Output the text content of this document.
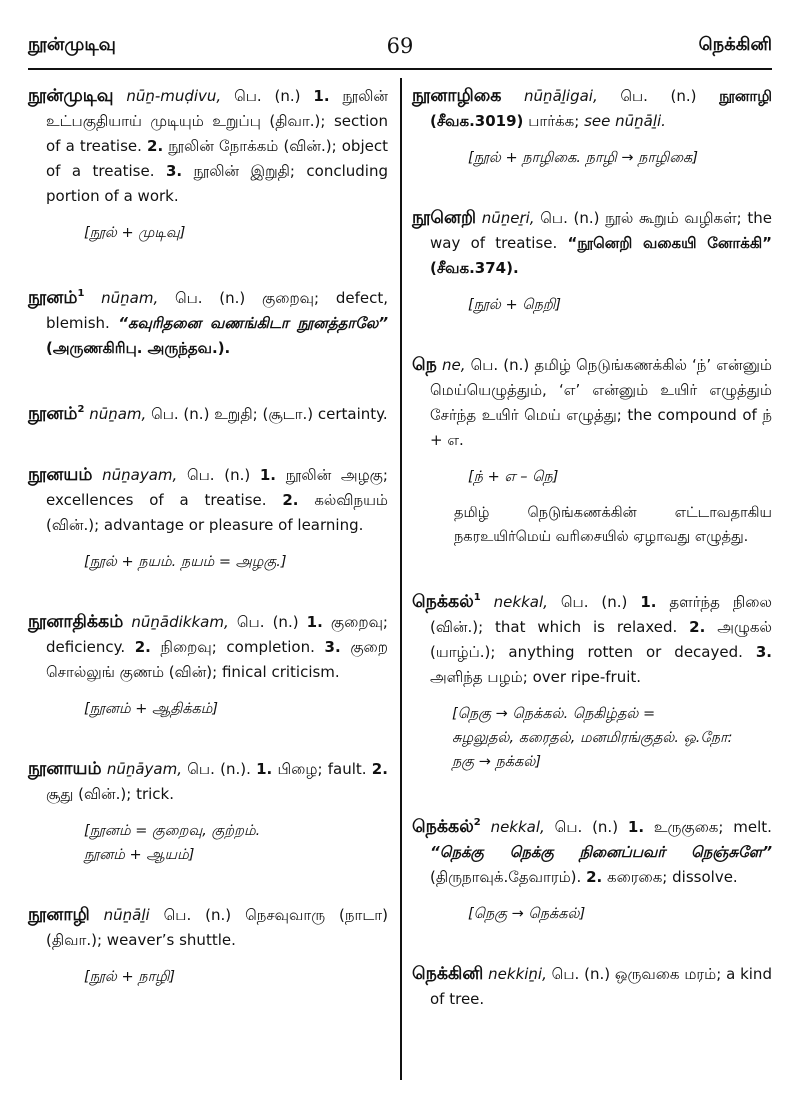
நூன்முடிவு	69	நெக்கினி

நூன்முடிவு nūṉ-muḍivu, பெ. (n.) 1. நூலின் உட்பகுதியாய் முடியும் உறுப்பு (திவா.); section of a treatise. 2. நூலின் நோக்கம் (வின்.); object of a treatise. 3. நூலின் இறுதி; concluding portion of a work.

[நூல் + முடிவு]

நூனம்$^1$ nūṉam, பெ. (n.) குறைவு; defect, blemish. “கவுரிதனை வணங்கிடா நூனத்தாலே” (அருணகிரிபு. அருந்தவ.).

நூனம்$^2$ nūṉam, பெ. (n.) உறுதி; (சூடா.) certainty.

நூனயம் nūṉayam, பெ. (n.) 1. நூலின் அழகு; excellences of a treatise. 2. கல்விநயம் (வின்.); advantage or pleasure of learning.

[நூல் + நயம். நயம் = அழகு.]

நூனாதிக்கம் nūṉādikkam, பெ. (n.) 1. குறைவு; deficiency. 2. நிறைவு; completion. 3. குறை சொல்லுங் குணம் (வின்); finical criticism.

[நூனம் + ஆதிக்கம்]

நூனாயம் nūṉāyam, பெ. (n.). 1. பிழை; fault. 2. சூது (வின்.); trick.

[நூனம் = குறைவு, குற்றம்.
நூனம் + ஆயம்]

நூனாழி nūṉāḻi பெ. (n.) நெசவுவாரு (நாடா) (திவா.); weaver’s shuttle.

[நூல் + நாழி]

நூனாழிகை nūṉāḻigai, பெ. (n.) நூனாழி (சீவக.3019) பார்க்க; see nūṉāḻi.

[நூல் + நாழிகை. நாழி → நாழிகை]

நூனெறி nūṉeṟi, பெ. (n.) நூல் கூறும் வழிகள்; the way of treatise. “நூனெறி வகையி னோக்கி” (சீவக.374).

[நூல் + நெறி]

நெ ne, பெ. (n.) தமிழ் நெடுங்கணக்கில் ‘ந்’ என்னும் மெய்யெழுத்தும், ‘எ’ என்னும் உயிர் எழுத்தும் சேர்ந்த உயிர் மெய் எழுத்து; the compound of ந் + எ.

[ந் + எ – நெ]
தமிழ் நெடுங்கணக்கின் எட்டாவதாகிய நகரஉயிர்மெய் வரிசையில் ஏழாவது எழுத்து.

நெக்கல்$^1$ nekkal, பெ. (n.) 1. தளர்ந்த நிலை (வின்.); that which is relaxed. 2. அழுகல் (யாழ்ப்.); anything rotten or decayed. 3. அளிந்த பழம்; over ripe-fruit.

[நெகு → நெக்கல். நெகிழ்தல் =
சுழலுதல், கரைதல், மனமிரங்குதல். ஒ.நோ:
நகு → நக்கல்]

நெக்கல்$^2$ nekkal, பெ. (n.) 1. உருகுகை; melt. “நெக்கு நெக்கு நினைப்பவர் நெஞ்சுளே” (திருநாவுக்.தேவாரம்). 2. கரைகை; dissolve.

[நெகு → நெக்கல்]

நெக்கினி nekkiṉi, பெ. (n.) ஒருவகை மரம்; a kind of tree.
